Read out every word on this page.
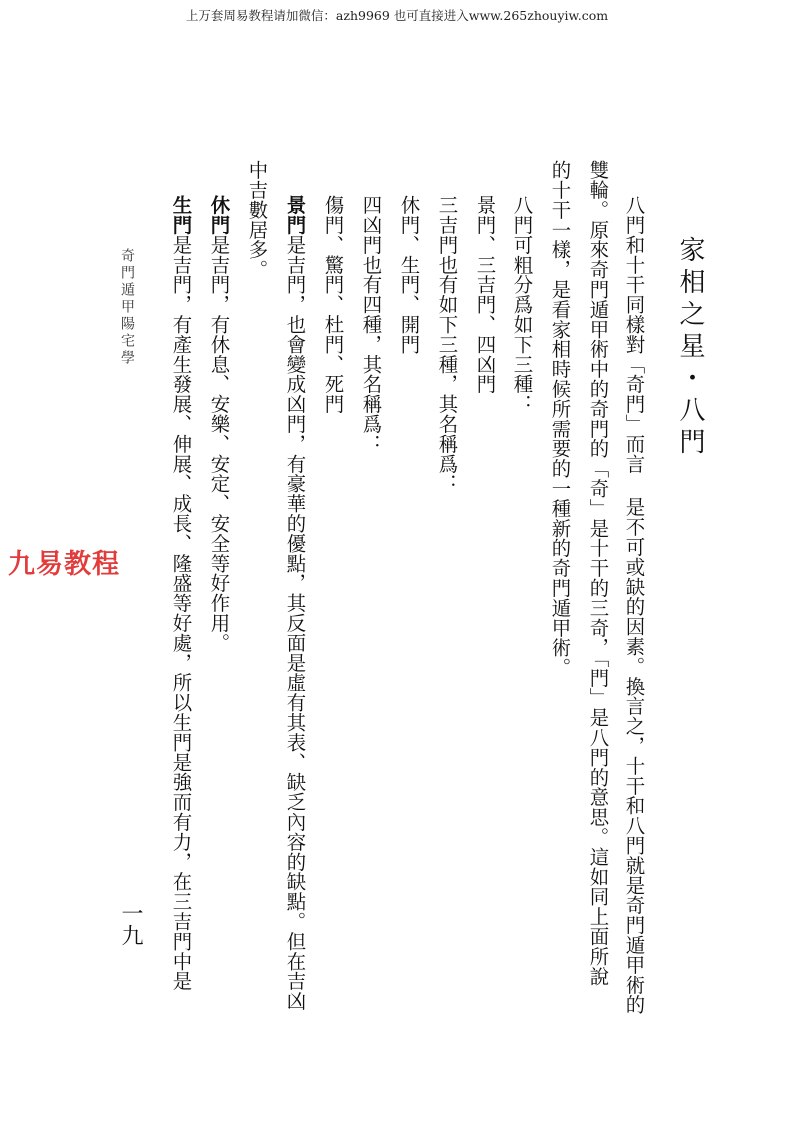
上万套周易教程请加微信：azh9969 也可直接进入www.265zhouyiw.com
家相之星・八門
八門和十干同樣對「奇門」而言 是不可或缺的因素。換言之，十干和八門就是奇門遁甲術的
雙輪。原來奇門遁甲術中的奇門的「奇」是十干的三奇，「門」是八門的意思。這如同上面所說
的十干一樣，是看家相時候所需要的一種新的奇門遁甲術。
八門可粗分爲如下三種：
景門、三吉門、四凶門
三吉門也有如下三種，其名稱爲：
休門、生門、開門
四凶門也有四種，其名稱爲：
傷門、驚門、杜門、死門
景門是吉門，也會變成凶門，有豪華的優點，其反面是虛有其表、缺乏內容的缺點。但在吉凶
中吉數居多。
休門是吉門，有休息、安樂、安定、安全等好作用。
生門是吉門，有產生發展、伸展、成長、隆盛等好處，所以生門是強而有力，在三吉門中是
奇門遁甲陽宅學
一九
九易教程
